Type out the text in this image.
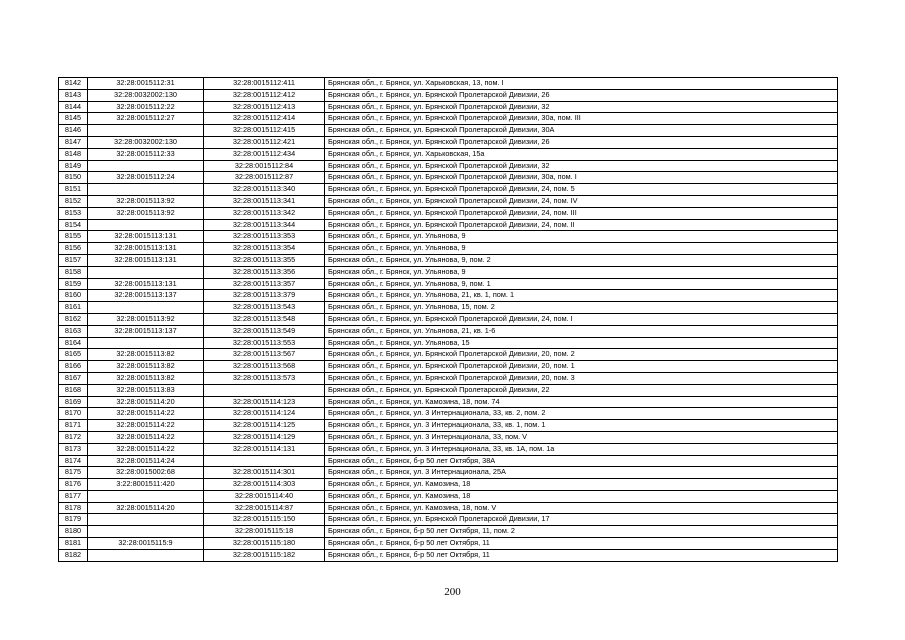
8142	32:28:0015112:31	32:28:0015112:411	Брянская обл., г. Брянск, ул. Харьковская, 13, пом. I
8143	32:28:0032002:130	32:28:0015112:412	Брянская обл., г. Брянск, ул. Брянской Пролетарской Дивизии, 26
8144	32:28:0015112:22	32:28:0015112:413	Брянская обл., г. Брянск, ул. Брянской Пролетарской Дивизии, 32
8145	32:28:0015112:27	32:28:0015112:414	Брянская обл., г. Брянск, ул. Брянской Пролетарской Дивизии, 30а, пом. III
8146		32:28:0015112:415	Брянская обл., г. Брянск, ул. Брянской Пролетарской Дивизии, 30А
8147	32:28:0032002:130	32:28:0015112:421	Брянская обл., г. Брянск, ул. Брянской Пролетарской Дивизии, 26
8148	32:28:0015112:33	32:28:0015112:434	Брянская обл., г. Брянск, ул. Харьковская, 15а
8149		32:28:0015112:84	Брянская обл., г. Брянск, ул. Брянской Пролетарской Дивизии, 32
8150	32:28:0015112:24	32:28:0015112:87	Брянская обл., г. Брянск, ул. Брянской Пролетарской Дивизии, 30а, пом. I
8151		32:28:0015113:340	Брянская обл., г. Брянск, ул. Брянской Пролетарской Дивизии, 24, пом. 5
8152	32:28:0015113:92	32:28:0015113:341	Брянская обл., г. Брянск, ул. Брянской Пролетарской Дивизии, 24, пом. IV
8153	32:28:0015113:92	32:28:0015113:342	Брянская обл., г. Брянск, ул. Брянской Пролетарской Дивизии, 24, пом. III
8154		32:28:0015113:344	Брянская обл., г. Брянск, ул. Брянской Пролетарской Дивизии, 24, пом. II
8155	32:28:0015113:131	32:28:0015113:353	Брянская обл., г. Брянск, ул. Ульянова, 9
8156	32:28:0015113:131	32:28:0015113:354	Брянская обл., г. Брянск, ул. Ульянова, 9
8157	32:28:0015113:131	32:28:0015113:355	Брянская обл., г. Брянск, ул. Ульянова, 9, пом. 2
8158		32:28:0015113:356	Брянская обл., г. Брянск, ул. Ульянова, 9
8159	32:28:0015113:131	32:28:0015113:357	Брянская обл., г. Брянск, ул. Ульянова, 9, пом. 1
8160	32:28:0015113:137	32:28:0015113:379	Брянская обл., г. Брянск, ул. Ульянова, 21, кв. 1, пом. 1
8161		32:28:0015113:543	Брянская обл., г. Брянск, ул. Ульянова, 15, пом. 2
8162	32:28:0015113:92	32:28:0015113:548	Брянская обл., г. Брянск, ул. Брянской Пролетарской Дивизии, 24, пом. I
8163	32:28:0015113:137	32:28:0015113:549	Брянская обл., г. Брянск, ул. Ульянова, 21, кв. 1-6
8164		32:28:0015113:553	Брянская обл., г. Брянск, ул. Ульянова, 15
8165	32:28:0015113:82	32:28:0015113:567	Брянская обл., г. Брянск, ул. Брянской Пролетарской Дивизии, 20, пом. 2
8166	32:28:0015113:82	32:28:0015113:568	Брянская обл., г. Брянск, ул. Брянской Пролетарской Дивизии, 20, пом. 1
8167	32:28:0015113:82	32:28:0015113:573	Брянская обл., г. Брянск, ул. Брянской Пролетарской Дивизии, 20, пом. 3
8168	32:28:0015113:83		Брянская обл., г. Брянск, ул. Брянской Пролетарской Дивизии, 22
8169	32:28:0015114:20	32:28:0015114:123	Брянская обл., г. Брянск, ул. Камозина, 18, пом. 74
8170	32:28:0015114:22	32:28:0015114:124	Брянская обл., г. Брянск, ул. 3 Интернационала, 33, кв. 2, пом. 2
8171	32:28:0015114:22	32:28:0015114:125	Брянская обл., г. Брянск, ул. 3 Интернационала, 33, кв. 1, пом. 1
8172	32:28:0015114:22	32:28:0015114:129	Брянская обл., г. Брянск, ул. 3 Интернационала, 33, пом. V
8173	32:28:0015114:22	32:28:0015114:131	Брянская обл., г. Брянск, ул. 3 Интернационала, 33, кв. 1А, пом. 1а
8174	32:28:0015114:24		Брянская обл., г. Брянск, б-р 50 лет Октября, 38А
8175	32:28:0015002:68	32:28:0015114:301	Брянская обл., г. Брянск, ул. 3 Интернационала, 25А
8176	3:22:8001511:420	32:28:0015114:303	Брянская обл., г. Брянск, ул. Камозина, 18
8177		32:28:0015114:40	Брянская обл., г. Брянск, ул. Камозина, 18
8178	32:28:0015114:20	32:28:0015114:87	Брянская обл., г. Брянск, ул. Камозина, 18, пом. V
8179		32:28:0015115:150	Брянская обл., г. Брянск, ул. Брянской Пролетарской Дивизии, 17
8180		32:28:0015115:18	Брянская обл., г. Брянск, б-р 50 лет Октября, 11, пом. 2
8181	32:28:0015115:9	32:28:0015115:180	Брянская обл., г. Брянск, б-р 50 лет Октября, 11
8182		32:28:0015115:182	Брянская обл., г. Брянск, б-р 50 лет Октября, 11
200
